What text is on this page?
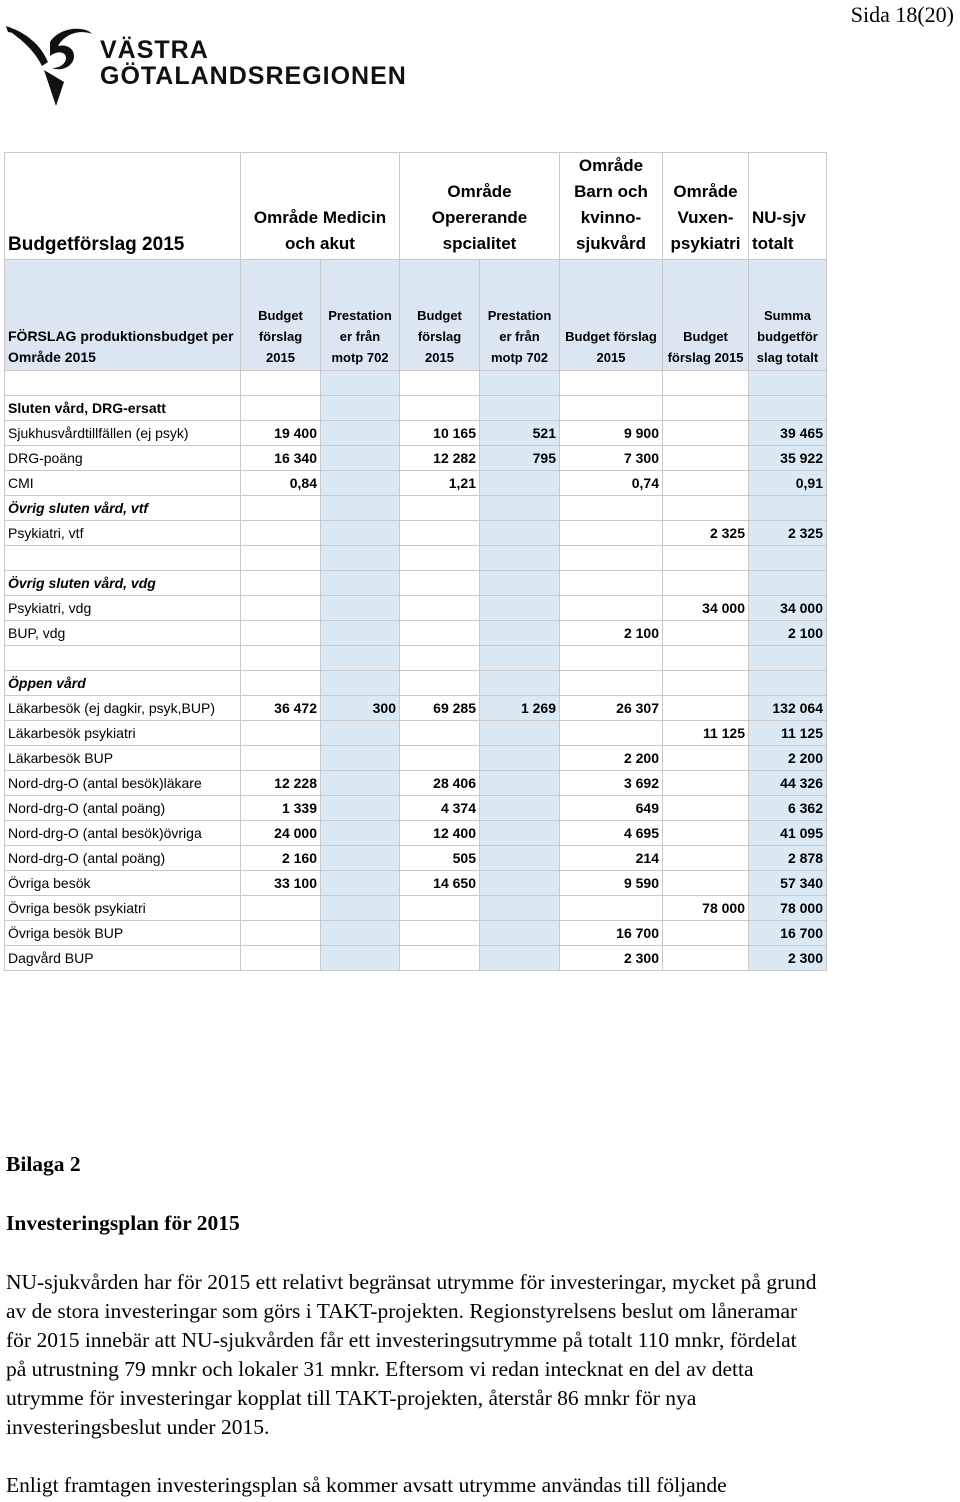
Sida 18(20)
VÄSTRA
GÖTALANDSREGIONEN
Budgetförslag 2015	Område Medicin och akut		Område Opererande spcialitet		Område Barn och kvinno-sjukvård	Område Vuxen-psykiatri	NU-sjv totalt
FÖRSLAG produktionsbudget per Område 2015	Budget förslag 2015	Prestation er från motp 702	Budget förslag 2015	Prestation er från motp 702	Budget förslag 2015	Budget förslag 2015	Summa budgetför slag totalt

Sluten vård, DRG-ersatt							
Sjukhusvårdtillfällen (ej psyk)	19 400		10 165	521	9 900		39 465
DRG-poäng	16 340		12 282	795	7 300		35 922
CMI	0,84		1,21		0,74		0,91
Övrig sluten vård, vtf							
Psykiatri, vtf						2 325	2 325

Övrig sluten vård, vdg							
Psykiatri, vdg						34 000	34 000
BUP, vdg					2 100		2 100

Öppen vård							
Läkarbesök (ej dagkir, psyk,BUP)	36 472	300	69 285	1 269	26 307		132 064
Läkarbesök psykiatri						11 125	11 125
Läkarbesök BUP					2 200		2 200
Nord-drg-O (antal besök)läkare	12 228		28 406		3 692		44 326
Nord-drg-O (antal poäng)	1 339		4 374		649		6 362
Nord-drg-O (antal besök)övriga	24 000		12 400		4 695		41 095
Nord-drg-O (antal poäng)	2 160		505		214		2 878
Övriga besök	33 100		14 650		9 590		57 340
Övriga besök psykiatri						78 000	78 000
Övriga besök BUP					16 700		16 700
Dagvård BUP					2 300		2 300
Bilaga 2
Investeringsplan för 2015
NU-sjukvården har för 2015 ett relativt begränsat utrymme för investeringar, mycket på grund
av de stora investeringar som görs i TAKT-projekten. Regionstyrelsens beslut om låneramar
för 2015 innebär att NU-sjukvården får ett investeringsutrymme på totalt 110 mnkr, fördelat
på utrustning 79 mnkr och lokaler 31 mnkr. Eftersom vi redan intecknat en del av detta
utrymme för investeringar kopplat till TAKT-projekten, återstår 86 mnkr för nya
investeringsbeslut under 2015.
Enligt framtagen investeringsplan så kommer avsatt utrymme användas till följande
